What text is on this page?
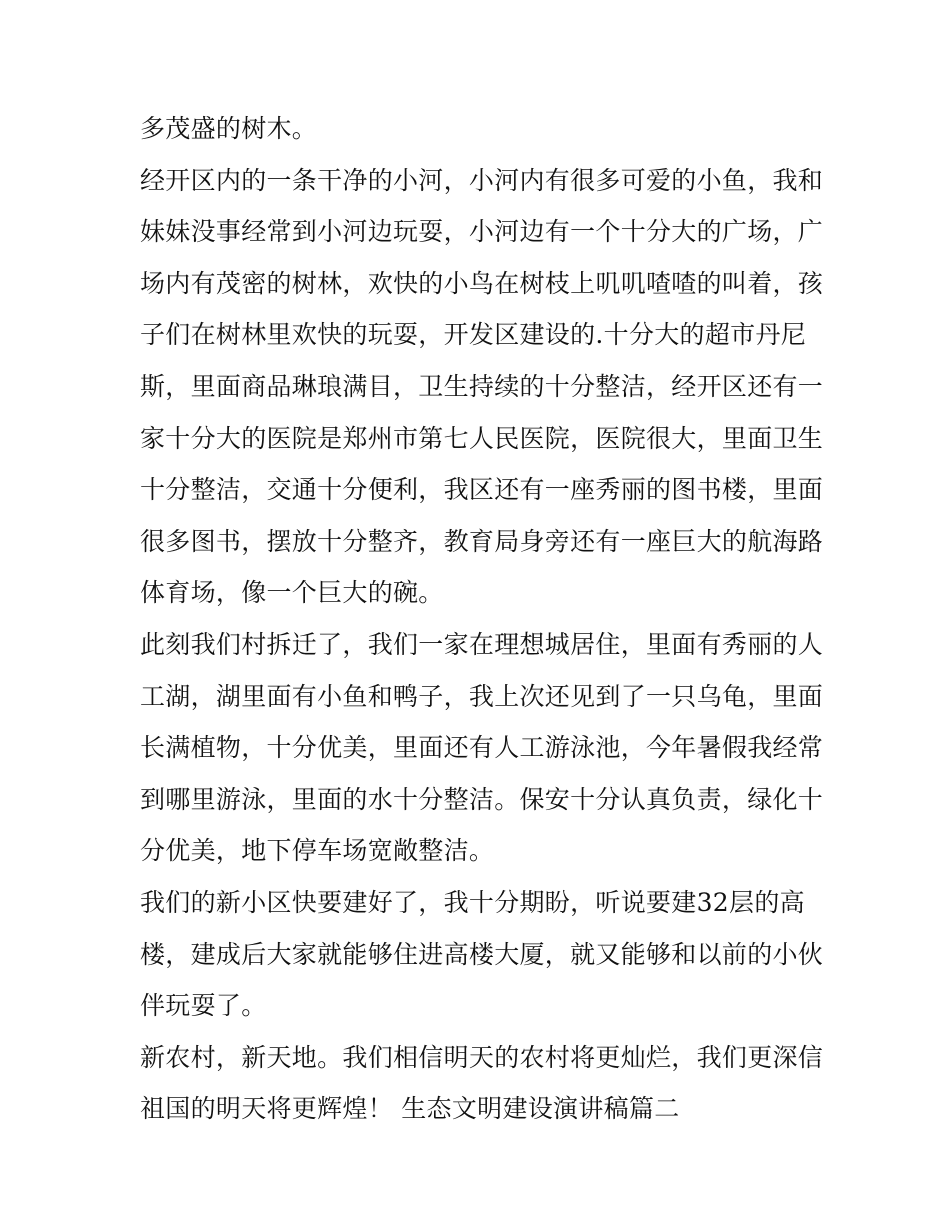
多茂盛的树木。
经开区内的一条干净的小河，小河内有很多可爱的小鱼，我和
妹妹没事经常到小河边玩耍，小河边有一个十分大的广场，广
场内有茂密的树林，欢快的小鸟在树枝上叽叽喳喳的叫着，孩
子们在树林里欢快的玩耍，开发区建设的.十分大的超市丹尼
斯，里面商品琳琅满目，卫生持续的十分整洁，经开区还有一
家十分大的医院是郑州市第七人民医院，医院很大，里面卫生
十分整洁，交通十分便利，我区还有一座秀丽的图书楼，里面
很多图书，摆放十分整齐，教育局身旁还有一座巨大的航海路
体育场，像一个巨大的碗。
此刻我们村拆迁了，我们一家在理想城居住，里面有秀丽的人
工湖，湖里面有小鱼和鸭子，我上次还见到了一只乌龟，里面
长满植物，十分优美，里面还有人工游泳池，今年暑假我经常
到哪里游泳，里面的水十分整洁。保安十分认真负责，绿化十
分优美，地下停车场宽敞整洁。
我们的新小区快要建好了，我十分期盼，听说要建32层的高
楼，建成后大家就能够住进高楼大厦，就又能够和以前的小伙
伴玩耍了。
新农村，新天地。我们相信明天的农村将更灿烂，我们更深信
祖国的明天将更辉煌！ 生态文明建设演讲稿篇二
